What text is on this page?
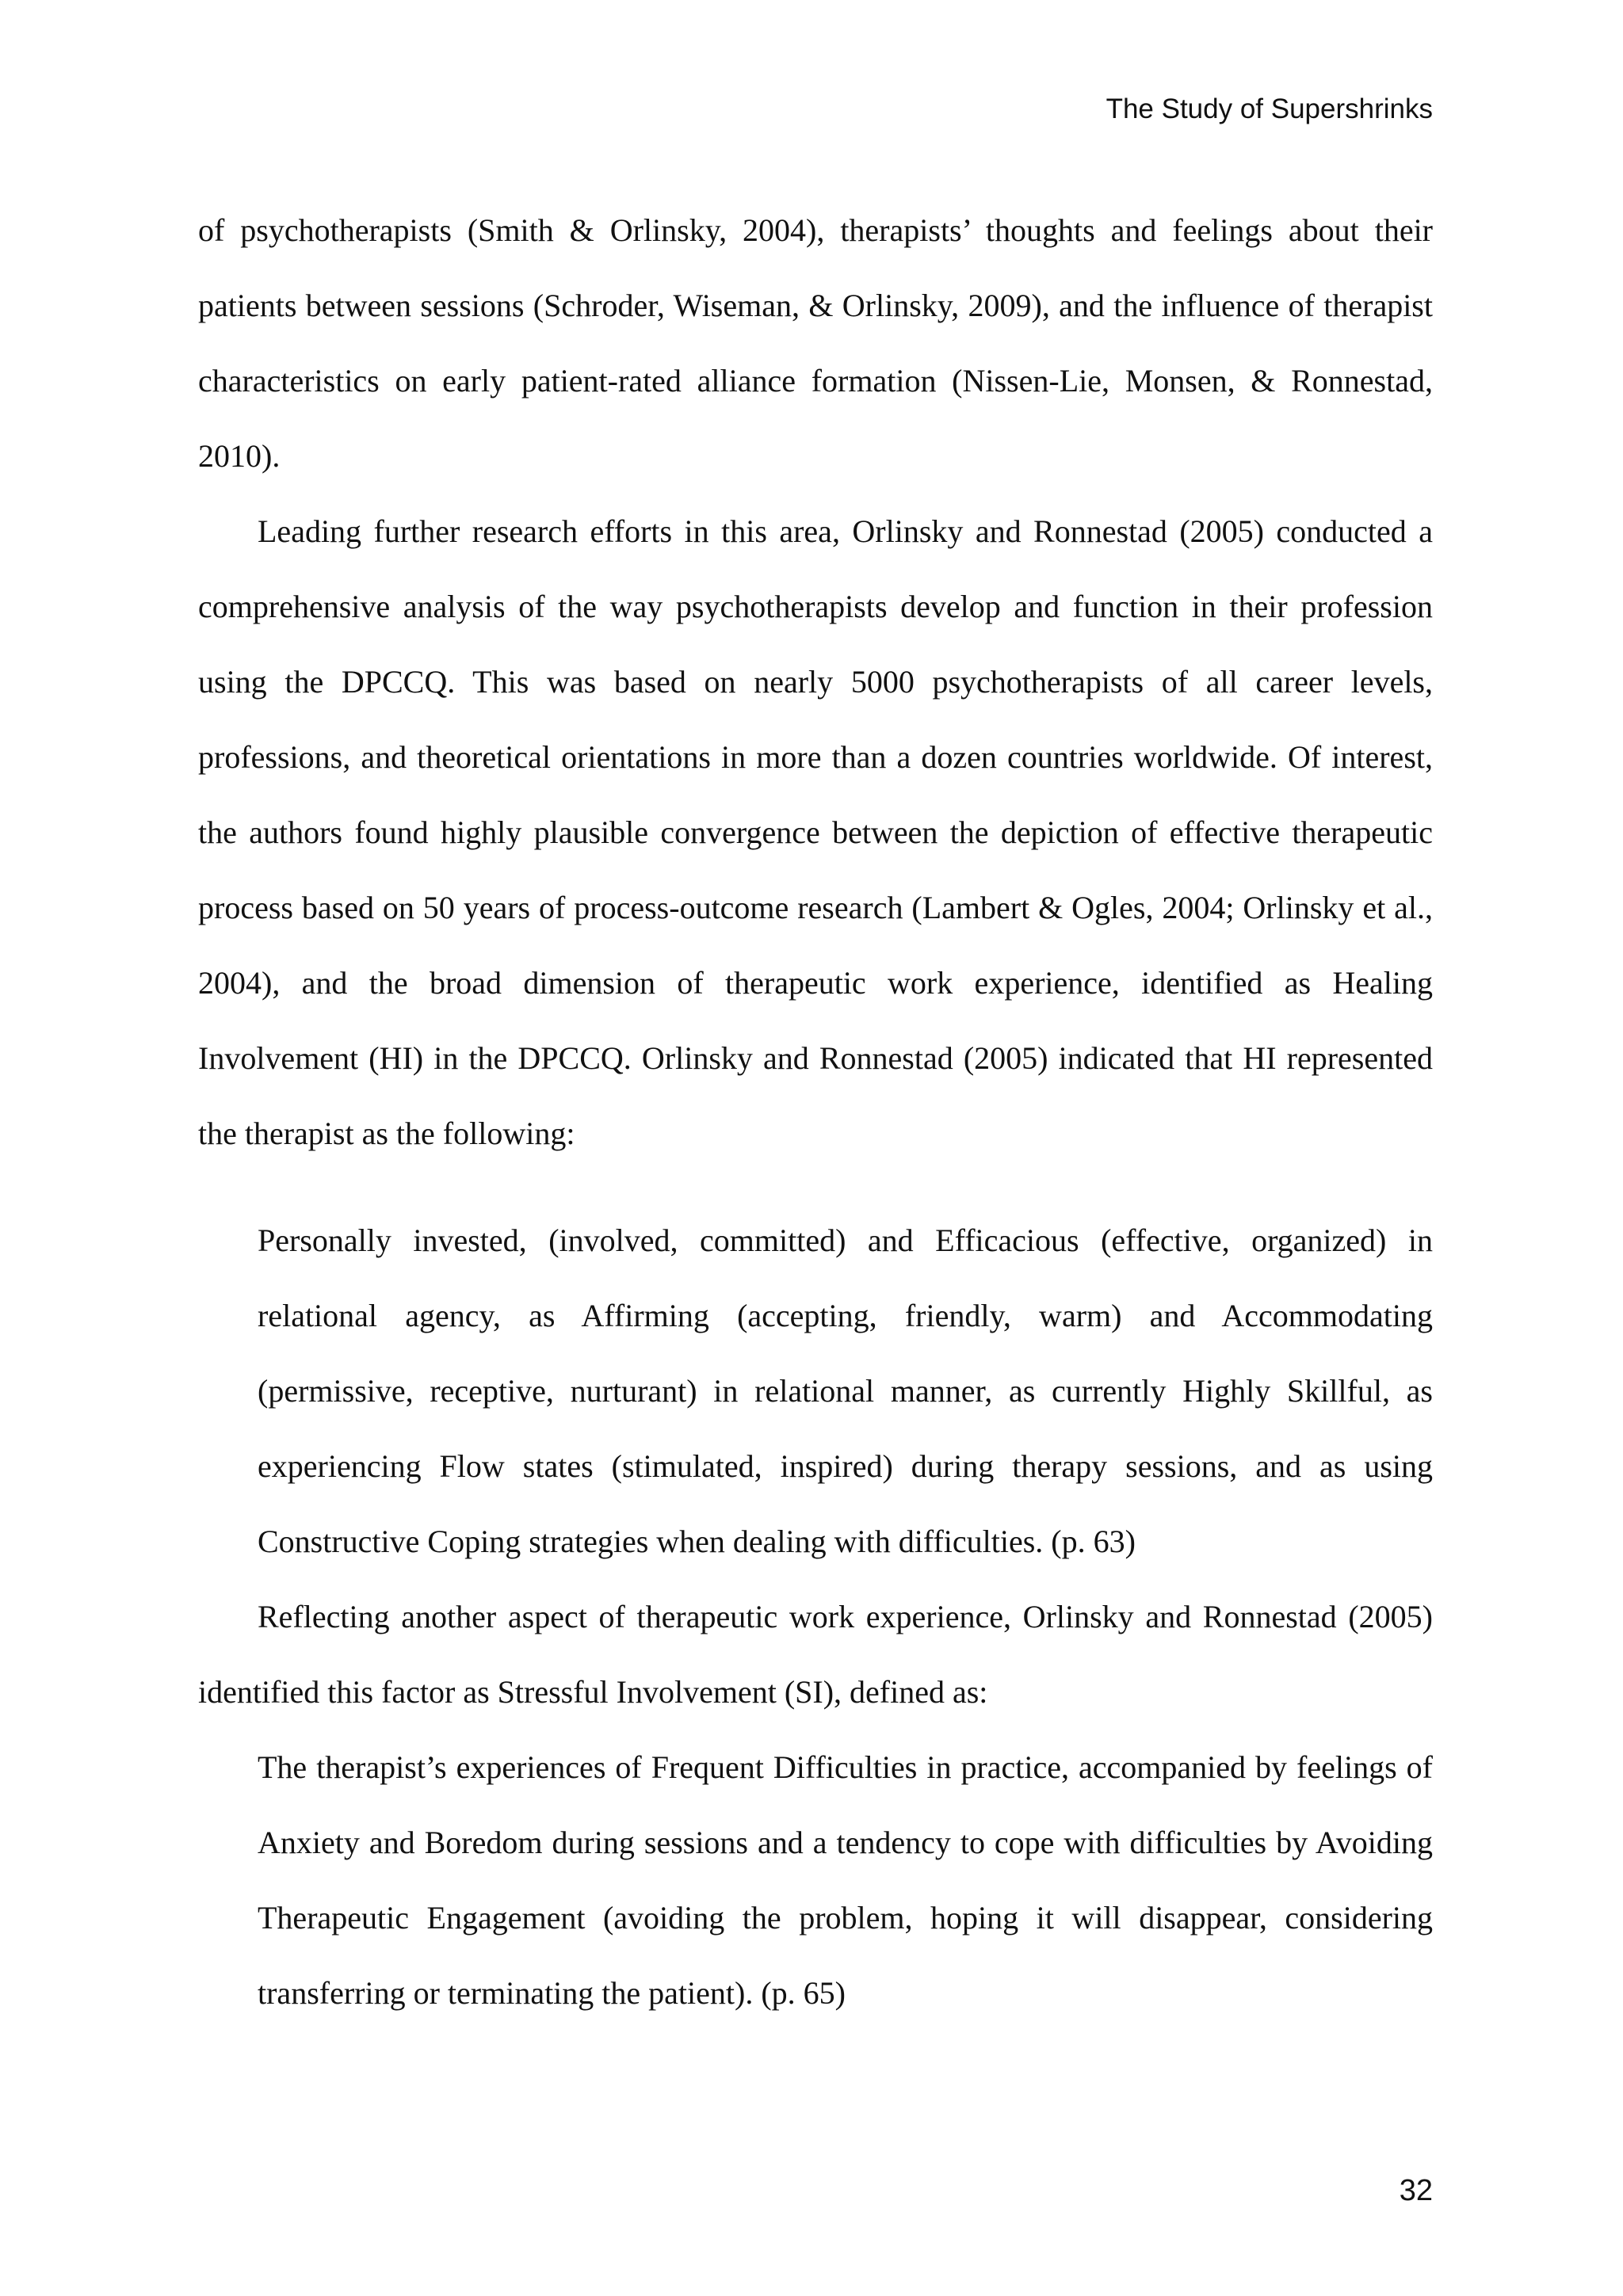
The Study of Supershrinks

of psychotherapists (Smith & Orlinsky, 2004), therapists’ thoughts and feelings about their patients between sessions (Schroder, Wiseman, & Orlinsky, 2009), and the influence of therapist characteristics on early patient-rated alliance formation (Nissen-Lie, Monsen, & Ronnestad, 2010).

Leading further research efforts in this area, Orlinsky and Ronnestad (2005) conducted a comprehensive analysis of the way psychotherapists develop and function in their profession using the DPCCQ. This was based on nearly 5000 psychotherapists of all career levels, professions, and theoretical orientations in more than a dozen countries worldwide. Of interest, the authors found highly plausible convergence between the depiction of effective therapeutic process based on 50 years of process-outcome research (Lambert & Ogles, 2004; Orlinsky et al., 2004), and the broad dimension of therapeutic work experience, identified as Healing Involvement (HI) in the DPCCQ. Orlinsky and Ronnestad (2005) indicated that HI represented the therapist as the following:

Personally invested, (involved, committed) and Efficacious (effective, organized) in relational agency, as Affirming (accepting, friendly, warm) and Accommodating (permissive, receptive, nurturant) in relational manner, as currently Highly Skillful, as experiencing Flow states (stimulated, inspired) during therapy sessions, and as using Constructive Coping strategies when dealing with difficulties. (p. 63)

Reflecting another aspect of therapeutic work experience, Orlinsky and Ronnestad (2005) identified this factor as Stressful Involvement (SI), defined as:

The therapist’s experiences of Frequent Difficulties in practice, accompanied by feelings of Anxiety and Boredom during sessions and a tendency to cope with difficulties by Avoiding Therapeutic Engagement (avoiding the problem, hoping it will disappear, considering transferring or terminating the patient). (p. 65)

32
